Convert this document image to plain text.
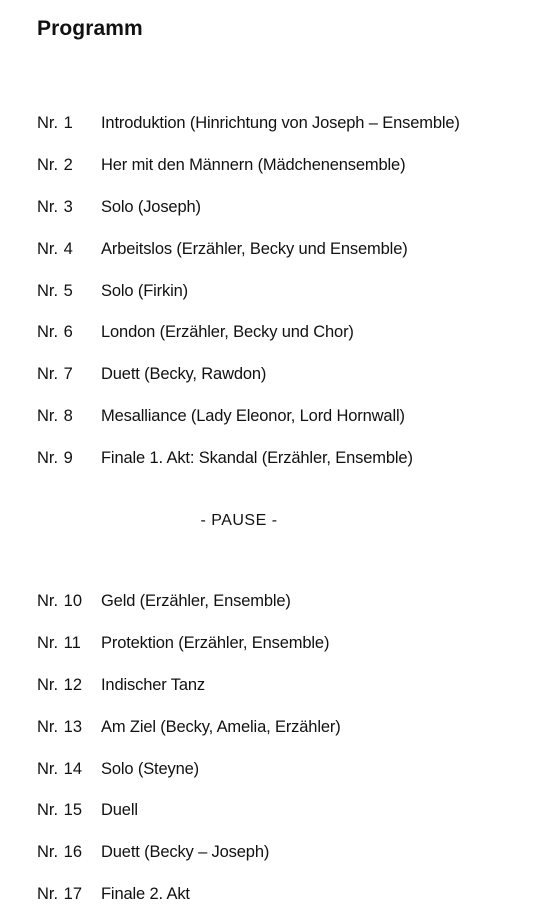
Programm
Nr. 1	Introduktion (Hinrichtung von Joseph – Ensemble)
Nr. 2	Her mit den Männern (Mädchenensemble)
Nr. 3	Solo (Joseph)
Nr. 4	Arbeitslos (Erzähler, Becky und Ensemble)
Nr. 5	Solo (Firkin)
Nr. 6	London (Erzähler, Becky und Chor)
Nr. 7	Duett (Becky, Rawdon)
Nr. 8	Mesalliance (Lady Eleonor, Lord Hornwall)
Nr. 9	Finale 1. Akt: Skandal (Erzähler, Ensemble)
- PAUSE -
Nr. 10	Geld (Erzähler, Ensemble)
Nr. 11	Protektion (Erzähler, Ensemble)
Nr. 12	Indischer Tanz
Nr. 13	Am Ziel (Becky, Amelia, Erzähler)
Nr. 14	Solo (Steyne)
Nr. 15	Duell
Nr. 16	Duett (Becky – Joseph)
Nr. 17	Finale 2. Akt
